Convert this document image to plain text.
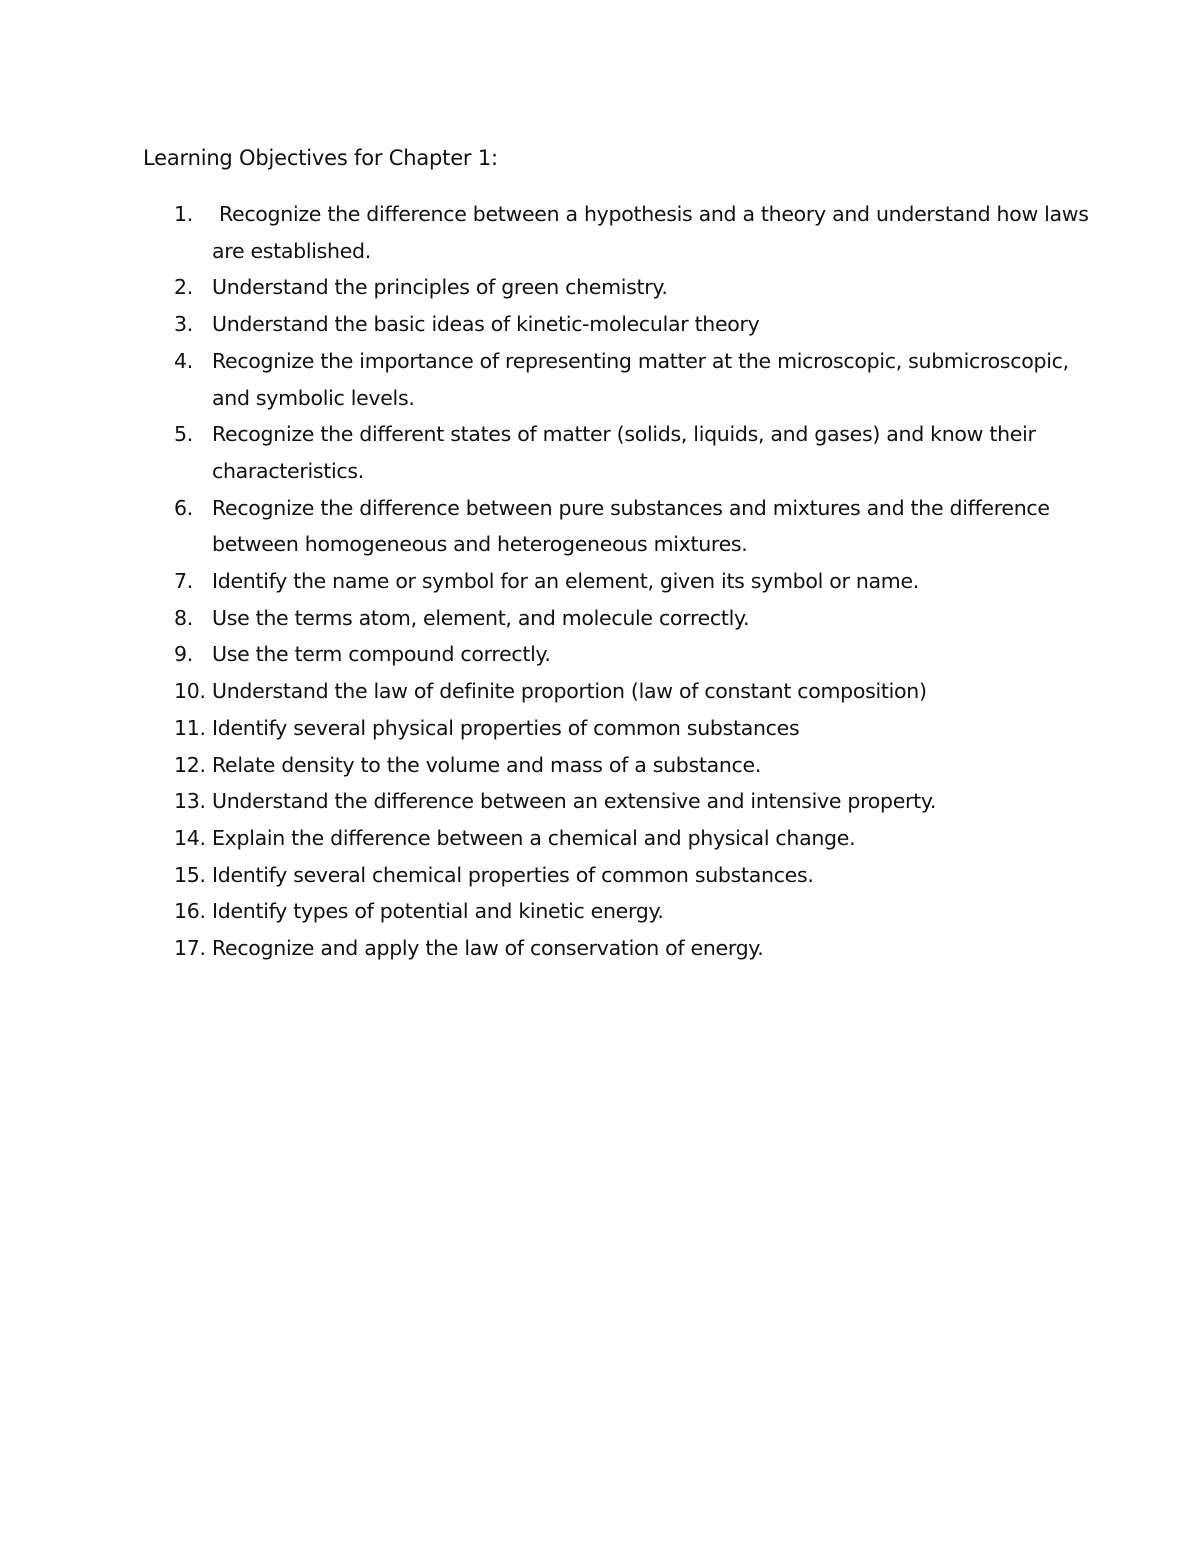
Learning Objectives for Chapter 1:
1.	Recognize the difference between a hypothesis and a theory and understand how laws are established.
2. Understand the principles of green chemistry.
3. Understand the basic ideas of kinetic-molecular theory
4. Recognize the importance of representing matter at the microscopic, submicroscopic, and symbolic levels.
5. Recognize the different states of matter (solids, liquids, and gases) and know their characteristics.
6. Recognize the difference between pure substances and mixtures and the difference between homogeneous and heterogeneous mixtures.
7. Identify the name or symbol for an element, given its symbol or name.
8. Use the terms atom, element, and molecule correctly.
9. Use the term compound correctly.
10. Understand the law of definite proportion (law of constant composition)
11. Identify several physical properties of common substances
12. Relate density to the volume and mass of a substance.
13. Understand the difference between an extensive and intensive property.
14. Explain the difference between a chemical and physical change.
15. Identify several chemical properties of common substances.
16. Identify types of potential and kinetic energy.
17. Recognize and apply the law of conservation of energy.
